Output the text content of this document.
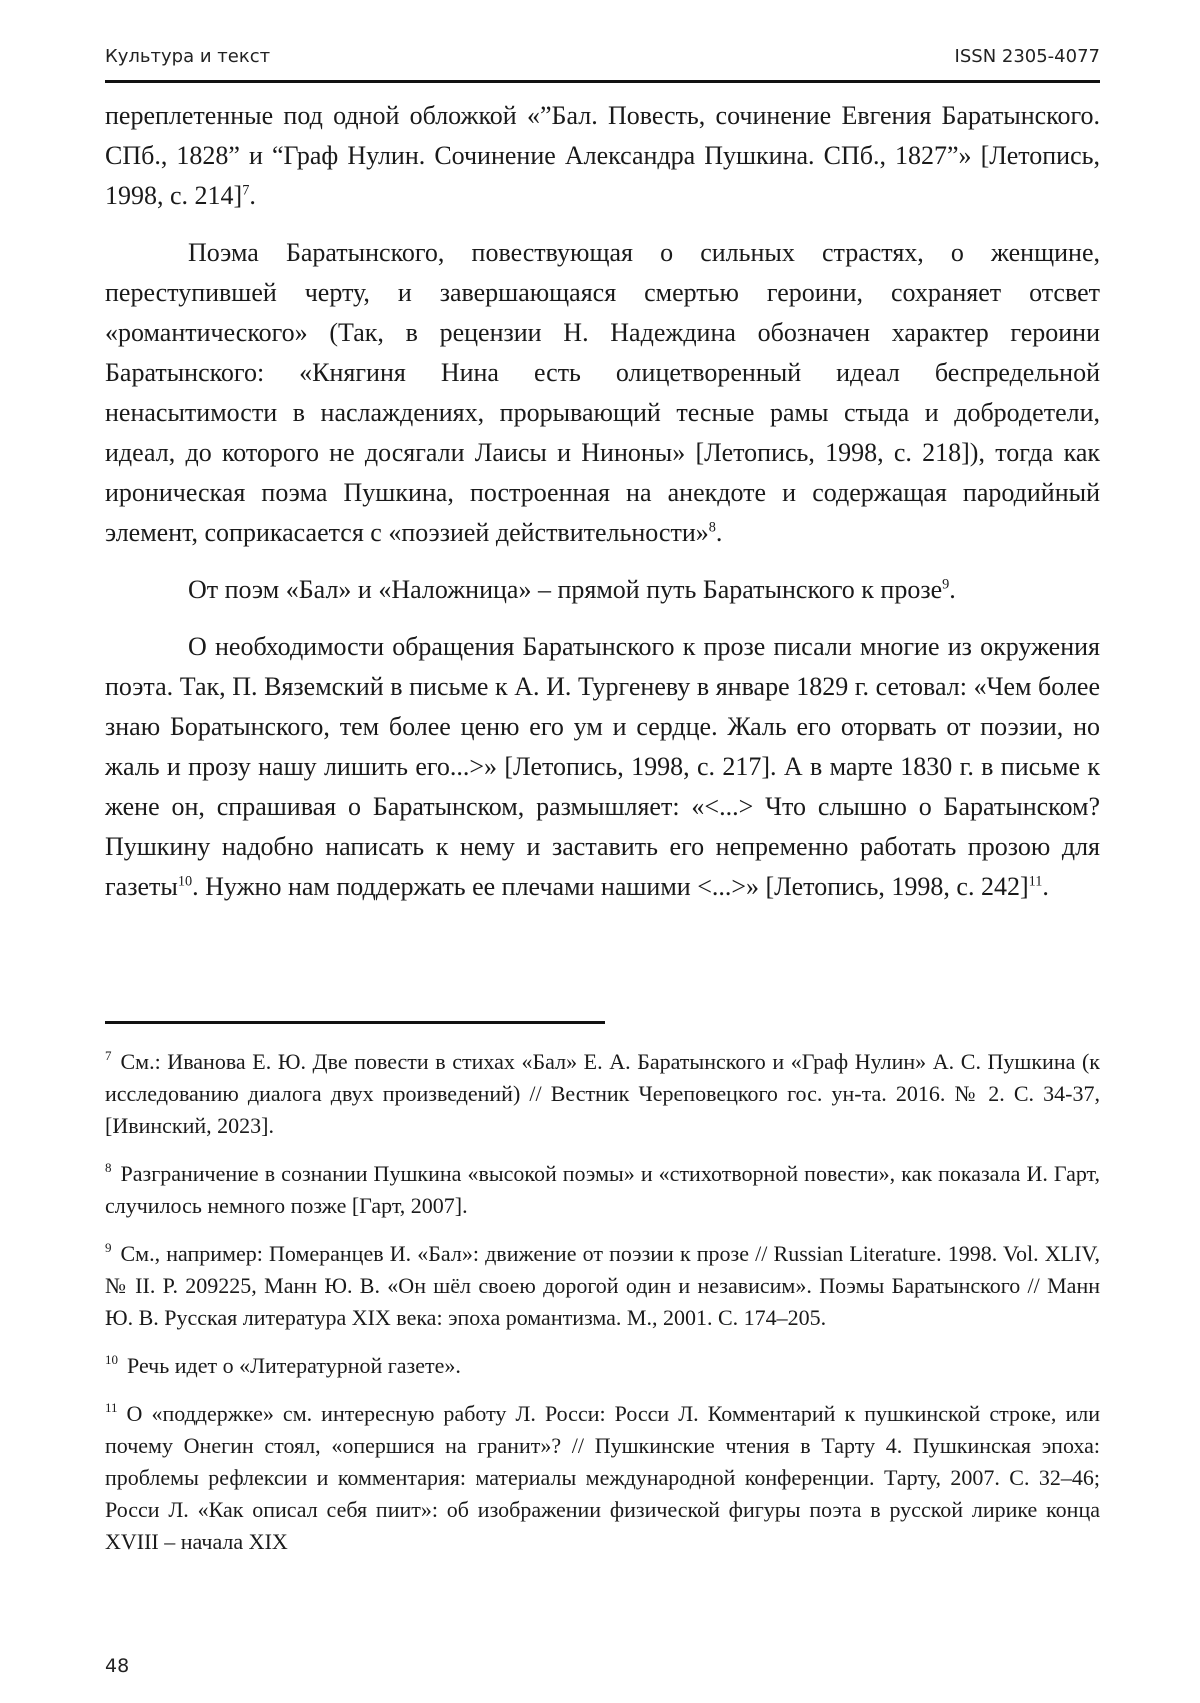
Культура и текст	ISSN 2305-4077

переплетенные под одной обложкой «”Бал. Повесть, сочинение Евгения Баратынского. СПб., 1828” и “Граф Нулин. Сочинение Александра Пушкина. СПб., 1827”» [Летопись, 1998, с. 214]$^7$.

Поэма Баратынского, повествующая о сильных страстях, о женщине, переступившей черту, и завершающаяся смертью героини, сохраняет отсвет «романтического» (Так, в рецензии Н. Надеждина обозначен характер героини Баратынского: «Княгиня Нина есть олицетворенный идеал беспредельной ненасытимости в наслаждениях, прорывающий тесные рамы стыда и добродетели, идеал, до которого не досягали Лаисы и Нинoны» [Летопись, 1998, с. 218]), тогда как ироническая поэма Пушкина, построенная на анекдоте и содержащая пародийный элемент, соприкасается с «поэзией действительности»$^8$.

От поэм «Бал» и «Наложница» – прямой путь Баратынского к прозе$^9$.

О необходимости обращения Баратынского к прозе писали многие из окружения поэта. Так, П. Вяземский в письме к А. И. Тургеневу в январе 1829 г. сетовал: «Чем более знаю Боратынского, тем более ценю его ум и сердце. Жаль его оторвать от поэзии, но жаль и прозу нашу лишить его...>» [Летопись, 1998, с. 217]. А в марте 1830 г. в письме к жене он, спрашивая о Баратынском, размышляет: «<...> Что слышно о Баратынском? Пушкину надобно написать к нему и заставить его непременно работать прозою для газеты$^{10}$. Нужно нам поддержать ее плечами нашими <...>» [Летопись, 1998, с. 242]$^{11}$.

$^7$ См.: Иванова Е. Ю. Две повести в стихах «Бал» Е. А. Баратынского и «Граф Нулин» А. С. Пушкина (к исследованию диалога двух произведений) // Вестник Череповецкого гос. ун-та. 2016. № 2. С. 34-37, [Ивинский, 2023].
$^8$ Разграничение в сознании Пушкина «высокой поэмы» и «стихотворной повести», как показала И. Гарт, случилось немного позже [Гарт, 2007].
$^9$ См., например: Померанцев И. «Бал»: движение от поэзии к прозе // Russian Literature. 1998. Vol. XLIV, № II. P. 209225, Манн Ю. В. «Он шёл своею дорогой один и независим». Поэмы Баратынского // Манн Ю. В. Русская литература XIX века: эпоха романтизма. М., 2001. С. 174–205.
$^{10}$ Речь идет о «Литературной газете».
$^{11}$ О «поддержке» см. интересную работу Л. Росси: Росси Л. Комментарий к пушкинской строке, или почему Онегин стоял, «опершися на гранит»? // Пушкинские чтения в Тарту 4. Пушкинская эпоха: проблемы рефлексии и комментария: материалы международной конференции. Тарту, 2007. С. 32–46; Росси Л. «Как описал себя пиит»: об изображении физической фигуры поэта в русской лирике конца XVIII – начала XIX
48
